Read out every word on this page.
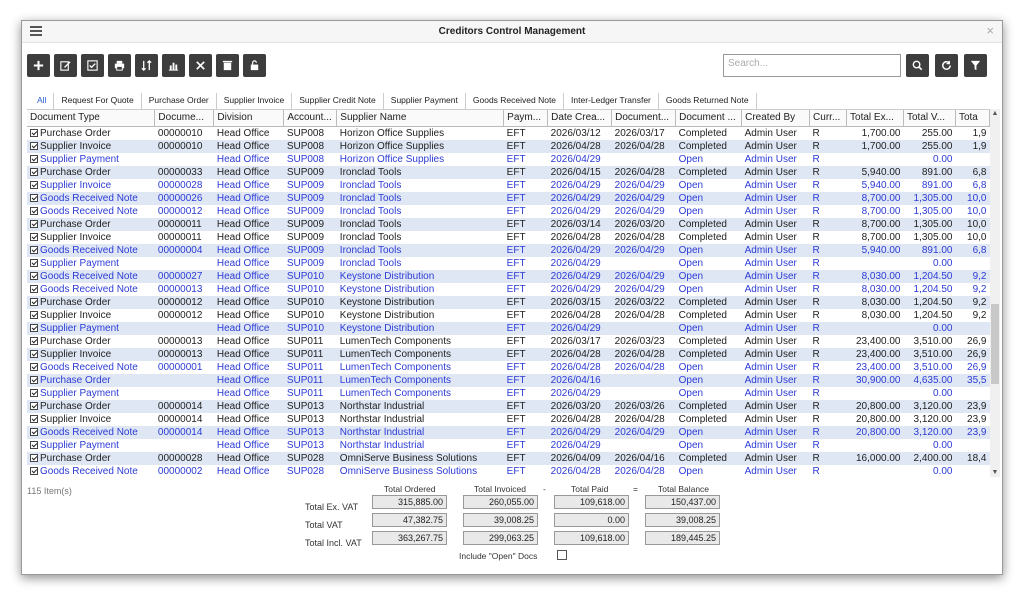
Creditors Control Management	×
Search...
All	Request For Quote	Purchase Order	Supplier Invoice	Supplier Credit Note	Supplier Payment	Goods Received Note	Inter-Ledger Transfer	Goods Returned Note
Document Type	Docume...	Division	Account...	Supplier Name	Paym...	Date Crea...	Document...	Document ...	Created By	Curr...	Total Ex...	Total V...	Tota
Purchase Order	00000010	Head Office	SUP008	Horizon Office Supplies	EFT	2026/03/12	2026/03/17	Completed	Admin User	R	1,700.00	255.00	1,9
Supplier Invoice	00000010	Head Office	SUP008	Horizon Office Supplies	EFT	2026/04/28	2026/04/28	Completed	Admin User	R	1,700.00	255.00	1,9
Supplier Payment		Head Office	SUP008	Horizon Office Supplies	EFT	2026/04/29		Open	Admin User	R		0.00	
Purchase Order	00000033	Head Office	SUP009	Ironclad Tools	EFT	2026/04/15	2026/04/28	Completed	Admin User	R	5,940.00	891.00	6,8
Supplier Invoice	00000028	Head Office	SUP009	Ironclad Tools	EFT	2026/04/29	2026/04/29	Open	Admin User	R	5,940.00	891.00	6,8
Goods Received Note	00000026	Head Office	SUP009	Ironclad Tools	EFT	2026/04/29	2026/04/29	Open	Admin User	R	8,700.00	1,305.00	10,0
Goods Received Note	00000012	Head Office	SUP009	Ironclad Tools	EFT	2026/04/29	2026/04/29	Open	Admin User	R	8,700.00	1,305.00	10,0
Purchase Order	00000011	Head Office	SUP009	Ironclad Tools	EFT	2026/03/14	2026/03/20	Completed	Admin User	R	8,700.00	1,305.00	10,0
Supplier Invoice	00000011	Head Office	SUP009	Ironclad Tools	EFT	2026/04/28	2026/04/28	Completed	Admin User	R	8,700.00	1,305.00	10,0
Goods Received Note	00000004	Head Office	SUP009	Ironclad Tools	EFT	2026/04/29	2026/04/29	Open	Admin User	R	5,940.00	891.00	6,8
Supplier Payment		Head Office	SUP009	Ironclad Tools	EFT	2026/04/29		Open	Admin User	R		0.00	
Goods Received Note	00000027	Head Office	SUP010	Keystone Distribution	EFT	2026/04/29	2026/04/29	Open	Admin User	R	8,030.00	1,204.50	9,2
Goods Received Note	00000013	Head Office	SUP010	Keystone Distribution	EFT	2026/04/29	2026/04/29	Open	Admin User	R	8,030.00	1,204.50	9,2
Purchase Order	00000012	Head Office	SUP010	Keystone Distribution	EFT	2026/03/15	2026/03/22	Completed	Admin User	R	8,030.00	1,204.50	9,2
Supplier Invoice	00000012	Head Office	SUP010	Keystone Distribution	EFT	2026/04/28	2026/04/28	Completed	Admin User	R	8,030.00	1,204.50	9,2
Supplier Payment		Head Office	SUP010	Keystone Distribution	EFT	2026/04/29		Open	Admin User	R		0.00	
Purchase Order	00000013	Head Office	SUP011	LumenTech Components	EFT	2026/03/17	2026/03/23	Completed	Admin User	R	23,400.00	3,510.00	26,9
Supplier Invoice	00000013	Head Office	SUP011	LumenTech Components	EFT	2026/04/28	2026/04/28	Completed	Admin User	R	23,400.00	3,510.00	26,9
Goods Received Note	00000001	Head Office	SUP011	LumenTech Components	EFT	2026/04/28	2026/04/28	Open	Admin User	R	23,400.00	3,510.00	26,9
Purchase Order		Head Office	SUP011	LumenTech Components	EFT	2026/04/16		Open	Admin User	R	30,900.00	4,635.00	35,5
Supplier Payment		Head Office	SUP011	LumenTech Components	EFT	2026/04/29		Open	Admin User	R		0.00	
Purchase Order	00000014	Head Office	SUP013	Northstar Industrial	EFT	2026/03/20	2026/03/26	Completed	Admin User	R	20,800.00	3,120.00	23,9
Supplier Invoice	00000014	Head Office	SUP013	Northstar Industrial	EFT	2026/04/28	2026/04/28	Completed	Admin User	R	20,800.00	3,120.00	23,9
Goods Received Note	00000014	Head Office	SUP013	Northstar Industrial	EFT	2026/04/29	2026/04/29	Open	Admin User	R	20,800.00	3,120.00	23,9
Supplier Payment		Head Office	SUP013	Northstar Industrial	EFT	2026/04/29		Open	Admin User	R		0.00	
Purchase Order	00000028	Head Office	SUP028	OmniServe Business Solutions	EFT	2026/04/09	2026/04/16	Completed	Admin User	R	16,000.00	2,400.00	18,4
Goods Received Note	00000002	Head Office	SUP028	OmniServe Business Solutions	EFT	2026/04/28	2026/04/28	Open	Admin User	R		0.00	
▲
▼
115 Item(s)	Total Ordered	Total Invoiced -	Total Paid	= Total Balance
Total Ex. VAT	315,885.00	260,055.00	109,618.00	150,437.00
Total VAT	47,382.75	39,008.25	0.00	39,008.25
Total Incl. VAT	363,267.75	299,063.25	109,618.00	189,445.25
Include "Open" Docs
